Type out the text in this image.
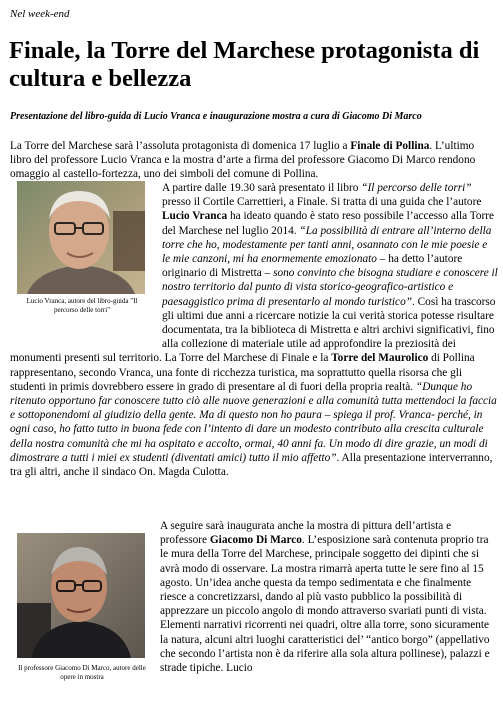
Nel week-end
Finale, la Torre del Marchese protagonista di cultura e bellezza
Presentazione del libro-guida di Lucio Vranca e inaugurazione mostra a cura di Giacomo Di Marco
La Torre del Marchese sarà l’assoluta protagonista di domenica 17 luglio a Finale di Pollina. L’ultimo libro del professore Lucio Vranca e la mostra d’arte a firma del professore Giacomo Di Marco rendono omaggio al castello-fortezza, uno dei simboli del comune di Pollina.
Lucio Vranca, autore del libro-guida "Il percorso delle torri"
A partire dalle 19.30 sarà presentato il libro “Il percorso delle torri” presso il Cortile Carrettieri, a Finale. Si tratta di una guida che l’autore Lucio Vranca ha ideato quando è stato reso possibile l’accesso alla Torre del Marchese nel luglio 2014. “La possibilità di entrare all’interno della torre che ho, modestamente per tanti anni, osannato con le mie poesie e le mie canzoni, mi ha enormemente emozionato – ha detto l’autore originario di Mistretta – sono convinto che bisogna studiare e conoscere il nostro territorio dal punto di vista storico-geografico-artistico e paesaggistico prima di presentarlo al mondo turistico”. Così ha trascorso gli ultimi due anni a ricercare notizie la cui verità storica potesse risultare documentata, tra la biblioteca di Mistretta e altri archivi significativi, fino alla collezione di materiale utile ad approfondire la preziosità dei monumenti presenti sul territorio. La Torre del Marchese di Finale e la Torre del Maurolico di Pollina rappresentano, secondo Vranca, una fonte di ricchezza turistica, ma soprattutto quella risorsa che gli studenti in primis dovrebbero essere in grado di presentare al di fuori della propria realtà. “Dunque ho ritenuto opportuno far conoscere tutto ciò alle nuove generazioni e alla comunità tutta mettendoci la faccia e sottoponendomi al giudizio della gente. Ma di questo non ho paura – spiega il prof. Vranca- perché, in ogni caso, ho fatto tutto in buona fede con l’intento di dare un modesto contributo alla crescita culturale della nostra comunità che mi ha ospitato e accolto, ormai, 40 anni fa. Un modo di dire grazie, un modi di dimostrare a tutti i miei ex studenti (diventati amici) tutto il mio affetto”. Alla presentazione interverranno, tra gli altri, anche il sindaco On. Magda Culotta.
Il professore Giacomo Di Marco, autore delle opere in mostra
A seguire sarà inaugurata anche la mostra di pittura dell’artista e professore Giacomo Di Marco. L’esposizione sarà contenuta proprio tra le mura della Torre del Marchese, principale soggetto dei dipinti che si avrà modo di osservare. La mostra rimarrà aperta tutte le sere fino al 15 agosto. Un’idea anche questa da tempo sedimentata e che finalmente riesce a concretizzarsi, dando al più vasto pubblico la possibilità di apprezzare un piccolo angolo di mondo attraverso svariati punti di vista. Elementi narrativi ricorrenti nei quadri, oltre alla torre, sono sicuramente la natura, alcuni altri luoghi caratteristici del’ “antico borgo” (appellativo che secondo l’artista non è da riferire alla sola altura pollinese), palazzi e strade tipiche. Lucio
